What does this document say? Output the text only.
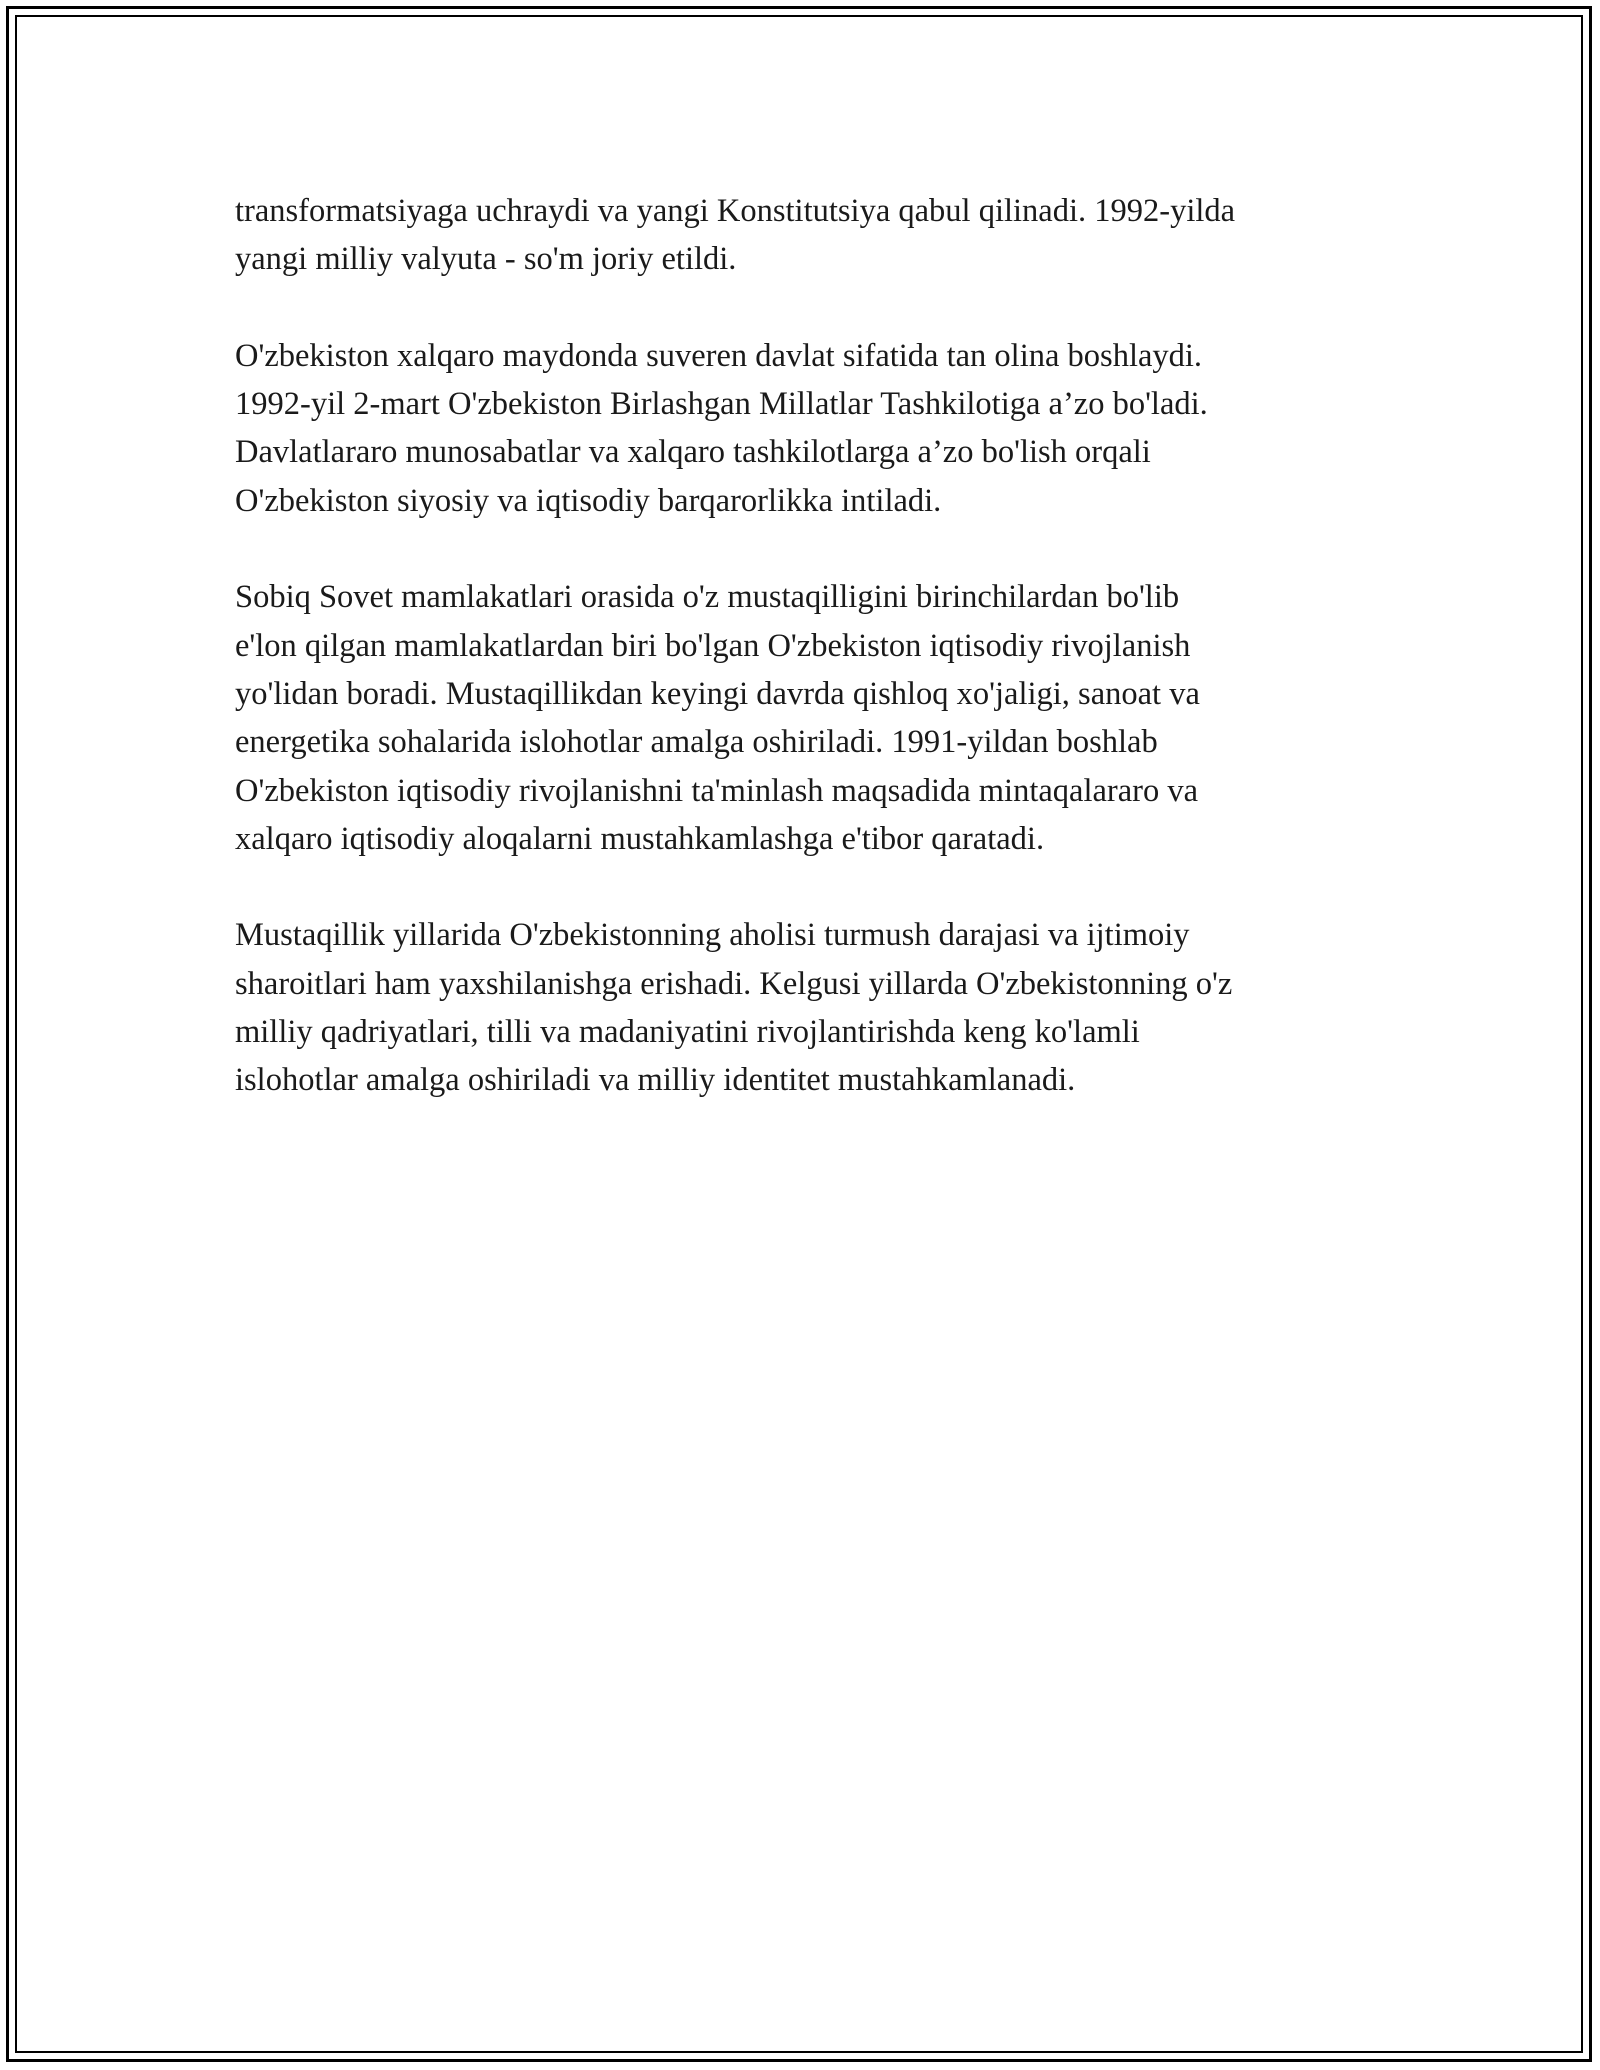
transformatsiyaga uchraydi va yangi Konstitutsiya qabul qilinadi. 1992-yilda
yangi milliy valyuta - so'm joriy etildi.

O'zbekiston xalqaro maydonda suveren davlat sifatida tan olina boshlaydi.
1992-yil 2-mart O'zbekiston Birlashgan Millatlar Tashkilotiga a’zo bo'ladi.
Davlatlararo munosabatlar va xalqaro tashkilotlarga a’zo bo'lish orqali
O'zbekiston siyosiy va iqtisodiy barqarorlikka intiladi.

Sobiq Sovet mamlakatlari orasida o'z mustaqilligini birinchilardan bo'lib
e'lon qilgan mamlakatlardan biri bo'lgan O'zbekiston iqtisodiy rivojlanish
yo'lidan boradi. Mustaqillikdan keyingi davrda qishloq xo'jaligi, sanoat va
energetika sohalarida islohotlar amalga oshiriladi. 1991-yildan boshlab
O'zbekiston iqtisodiy rivojlanishni ta'minlash maqsadida mintaqalararo va
xalqaro iqtisodiy aloqalarni mustahkamlashga e'tibor qaratadi.

Mustaqillik yillarida O'zbekistonning aholisi turmush darajasi va ijtimoiy
sharoitlari ham yaxshilanishga erishadi. Kelgusi yillarda O'zbekistonning o'z
milliy qadriyatlari, tilli va madaniyatini rivojlantirishda keng ko'lamli
islohotlar amalga oshiriladi va milliy identitet mustahkamlanadi.
